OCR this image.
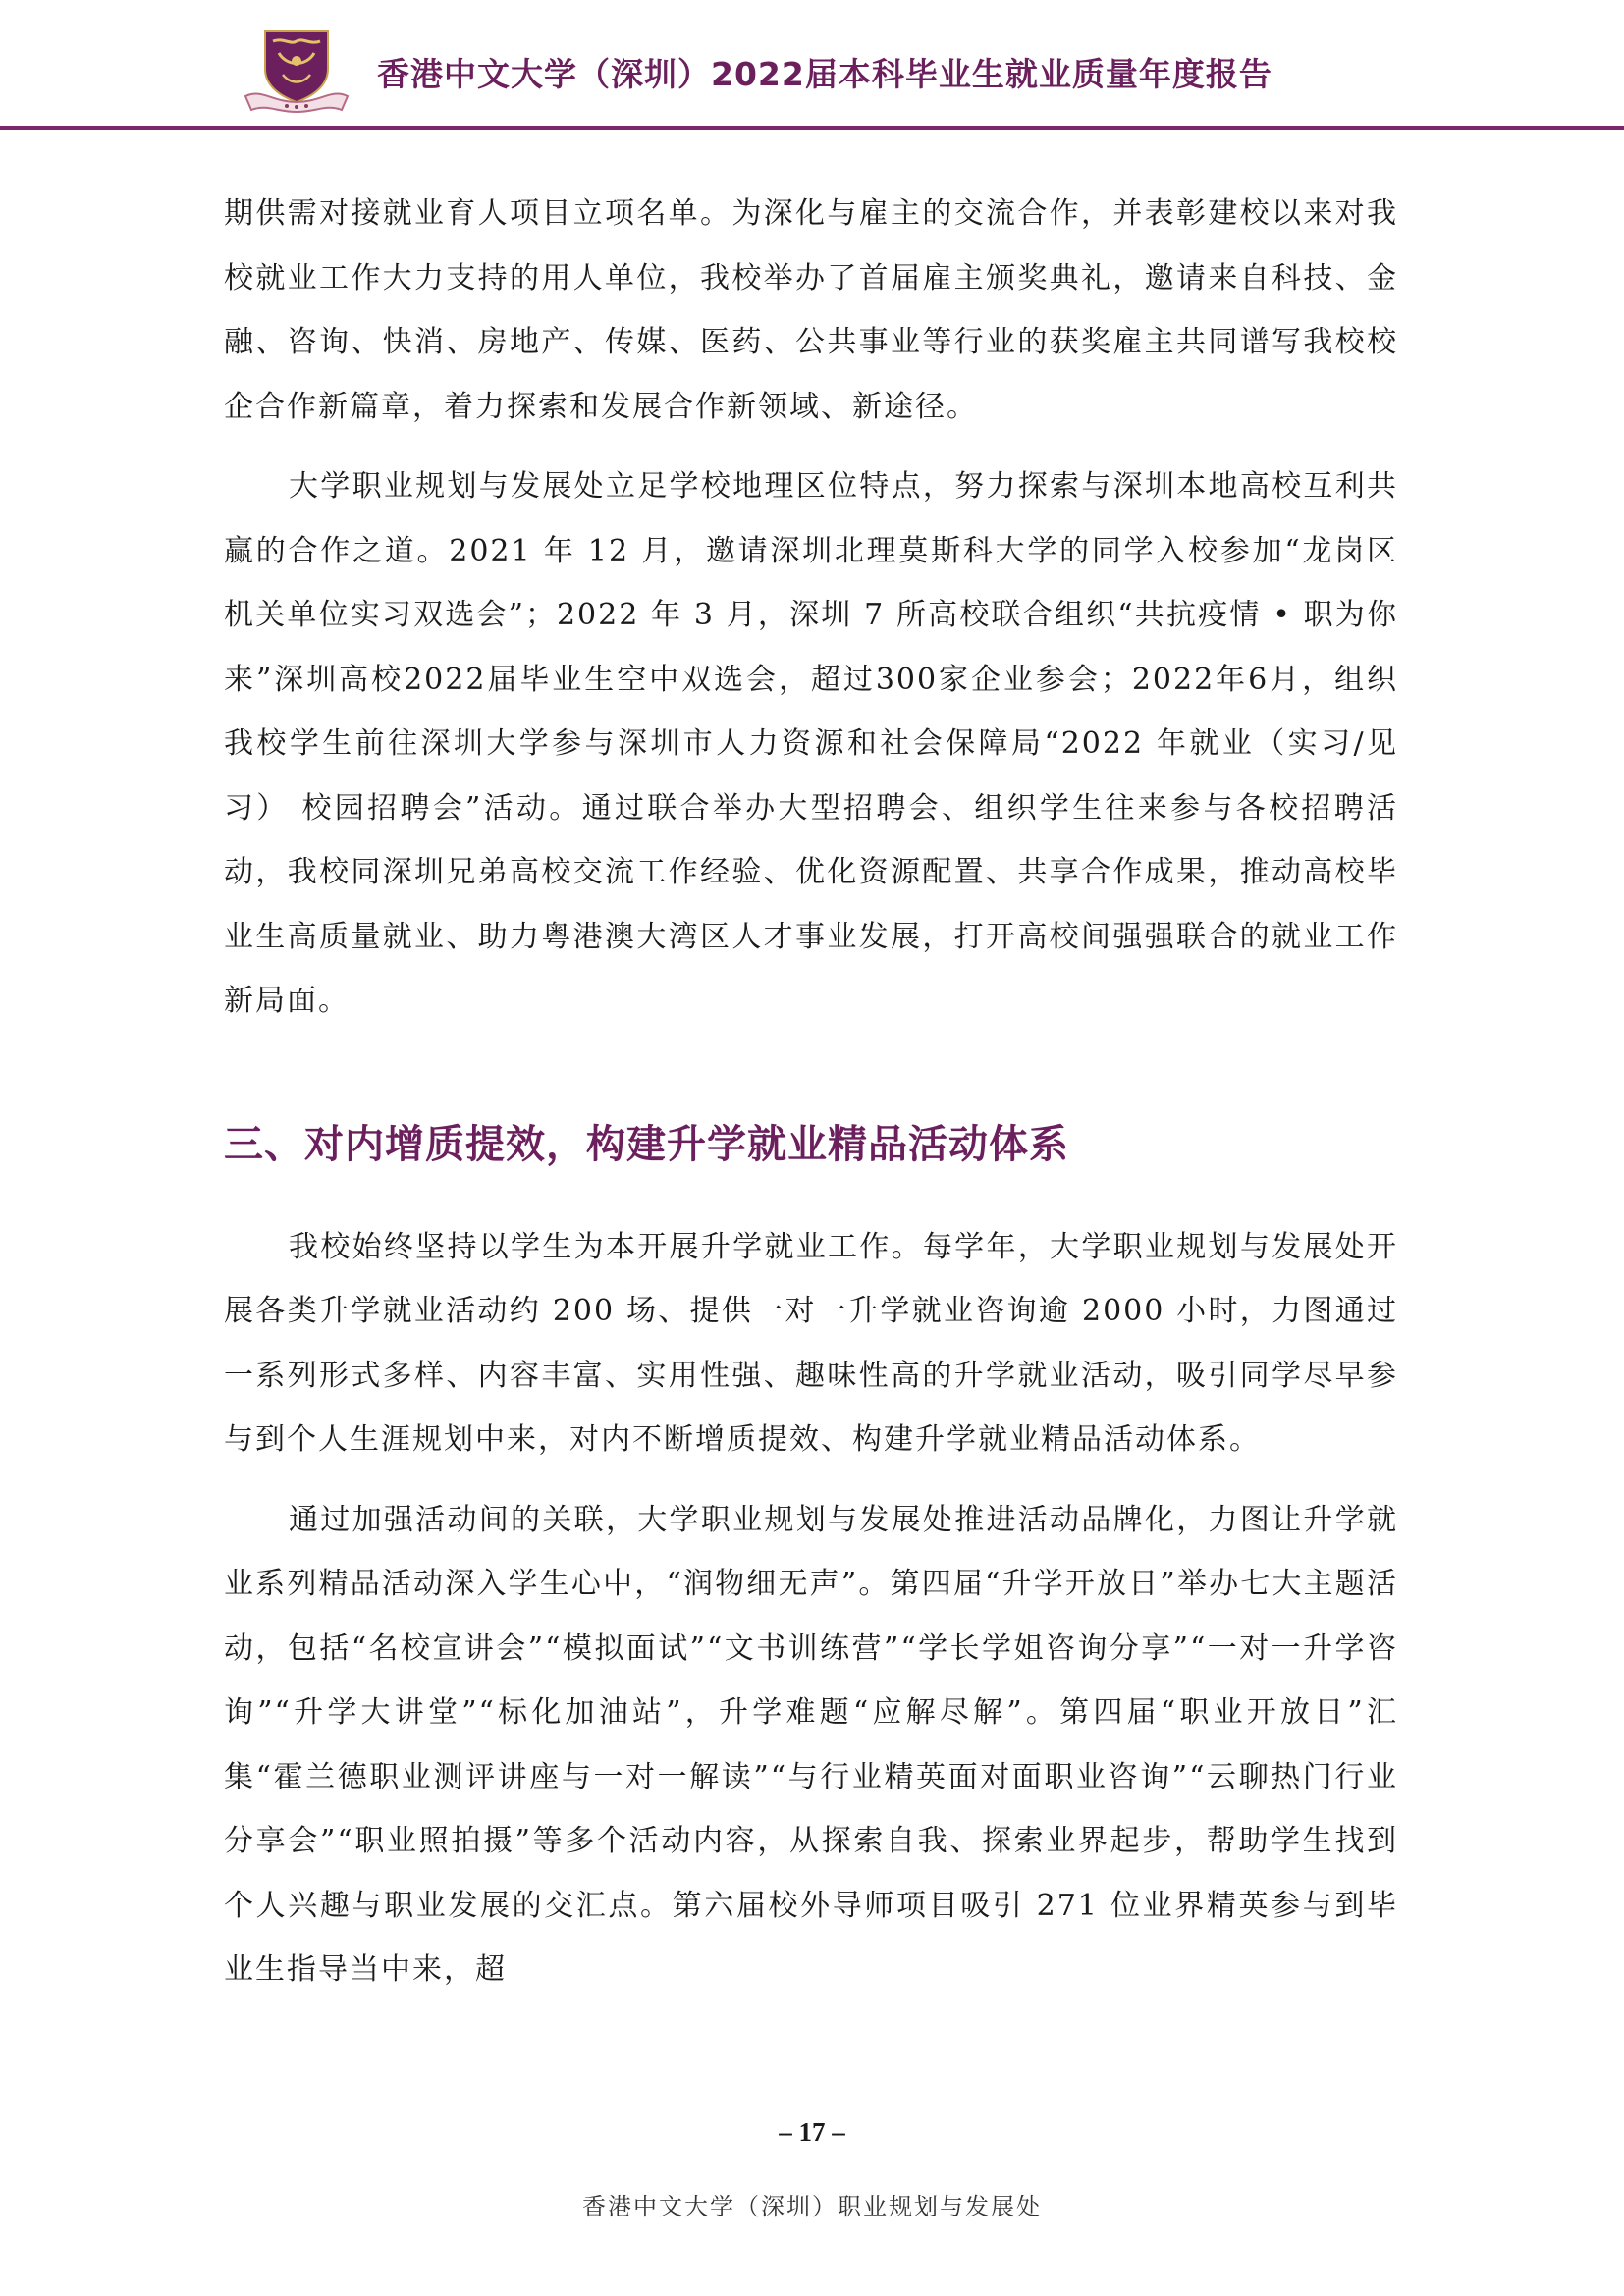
香港中文大学（深圳）2022届本科毕业生就业质量年度报告

期供需对接就业育人项目立项名单。为深化与雇主的交流合作，并表彰建校以来对我校就业工作大力支持的用人单位，我校举办了首届雇主颁奖典礼，邀请来自科技、金融、咨询、快消、房地产、传媒、医药、公共事业等行业的获奖雇主共同谱写我校校企合作新篇章，着力探索和发展合作新领域、新途径。

大学职业规划与发展处立足学校地理区位特点，努力探索与深圳本地高校互利共赢的合作之道。2021 年 12 月，邀请深圳北理莫斯科大学的同学入校参加“龙岗区机关单位实习双选会”；2022 年 3 月，深圳 7 所高校联合组织“共抗疫情 • 职为你来”深圳高校2022届毕业生空中双选会，超过300家企业参会；2022年6月，组织我校学生前往深圳大学参与深圳市人力资源和社会保障局“2022 年就业（实习/见习） 校园招聘会”活动。通过联合举办大型招聘会、组织学生往来参与各校招聘活动，我校同深圳兄弟高校交流工作经验、优化资源配置、共享合作成果，推动高校毕业生高质量就业、助力粤港澳大湾区人才事业发展，打开高校间强强联合的就业工作新局面。

三、对内增质提效，构建升学就业精品活动体系

我校始终坚持以学生为本开展升学就业工作。每学年，大学职业规划与发展处开展各类升学就业活动约 200 场、提供一对一升学就业咨询逾 2000 小时，力图通过一系列形式多样、内容丰富、实用性强、趣味性高的升学就业活动，吸引同学尽早参与到个人生涯规划中来，对内不断增质提效、构建升学就业精品活动体系。

通过加强活动间的关联，大学职业规划与发展处推进活动品牌化，力图让升学就业系列精品活动深入学生心中，“润物细无声”。第四届“升学开放日”举办七大主题活动，包括“名校宣讲会”“模拟面试”“文书训练营”“学长学姐咨询分享”“一对一升学咨询”“升学大讲堂”“标化加油站”，升学难题“应解尽解”。第四届“职业开放日”汇集“霍兰德职业测评讲座与一对一解读”“与行业精英面对面职业咨询”“云聊热门行业分享会”“职业照拍摄”等多个活动内容，从探索自我、探索业界起步，帮助学生找到个人兴趣与职业发展的交汇点。第六届校外导师项目吸引 271 位业界精英参与到毕业生指导当中来，超

– 17 –
香港中文大学（深圳）职业规划与发展处
